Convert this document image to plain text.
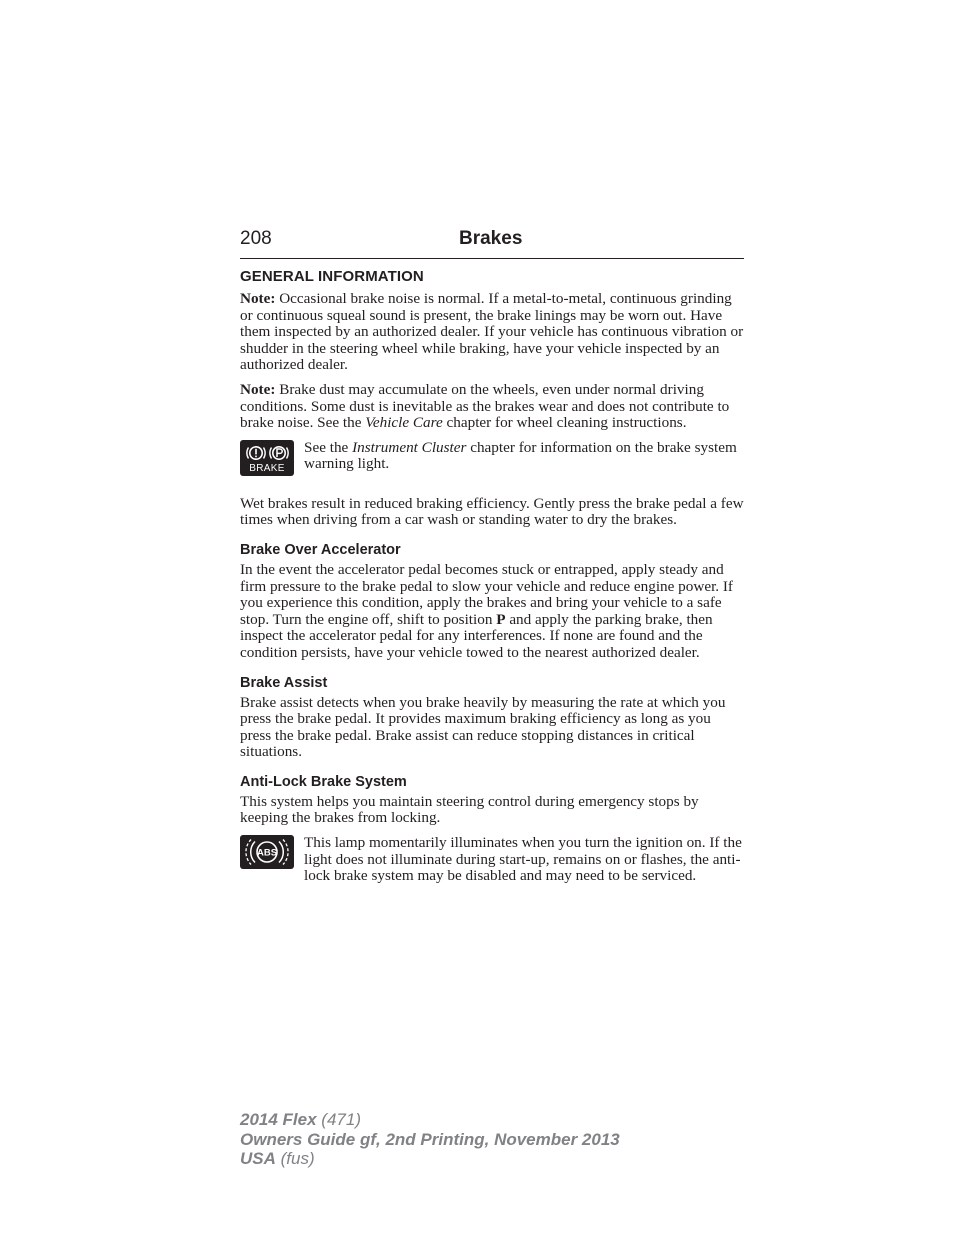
208	Brakes
GENERAL INFORMATION

Note: Occasional brake noise is normal. If a metal-to-metal, continuous grinding or continuous squeal sound is present, the brake linings may be worn out. Have them inspected by an authorized dealer. If your vehicle has continuous vibration or shudder in the steering wheel while braking, have your vehicle inspected by an authorized dealer.

Note: Brake dust may accumulate on the wheels, even under normal driving conditions. Some dust is inevitable as the brakes wear and does not contribute to brake noise. See the Vehicle Care chapter for wheel cleaning instructions.

BRAKE

See the Instrument Cluster chapter for information on the brake system warning light.

Wet brakes result in reduced braking efficiency. Gently press the brake pedal a few times when driving from a car wash or standing water to dry the brakes.

Brake Over Accelerator

In the event the accelerator pedal becomes stuck or entrapped, apply steady and firm pressure to the brake pedal to slow your vehicle and reduce engine power. If you experience this condition, apply the brakes and bring your vehicle to a safe stop. Turn the engine off, shift to position P and apply the parking brake, then inspect the accelerator pedal for any interferences. If none are found and the condition persists, have your vehicle towed to the nearest authorized dealer.

Brake Assist

Brake assist detects when you brake heavily by measuring the rate at which you press the brake pedal. It provides maximum braking efficiency as long as you press the brake pedal. Brake assist can reduce stopping distances in critical situations.

Anti-Lock Brake System

This system helps you maintain steering control during emergency stops by keeping the brakes from locking.

ABS

This lamp momentarily illuminates when you turn the ignition on. If the light does not illuminate during start-up, remains on or flashes, the anti-lock brake system may be disabled and may need to be serviced.

2014 Flex (471)
Owners Guide gf, 2nd Printing, November 2013
USA (fus)
